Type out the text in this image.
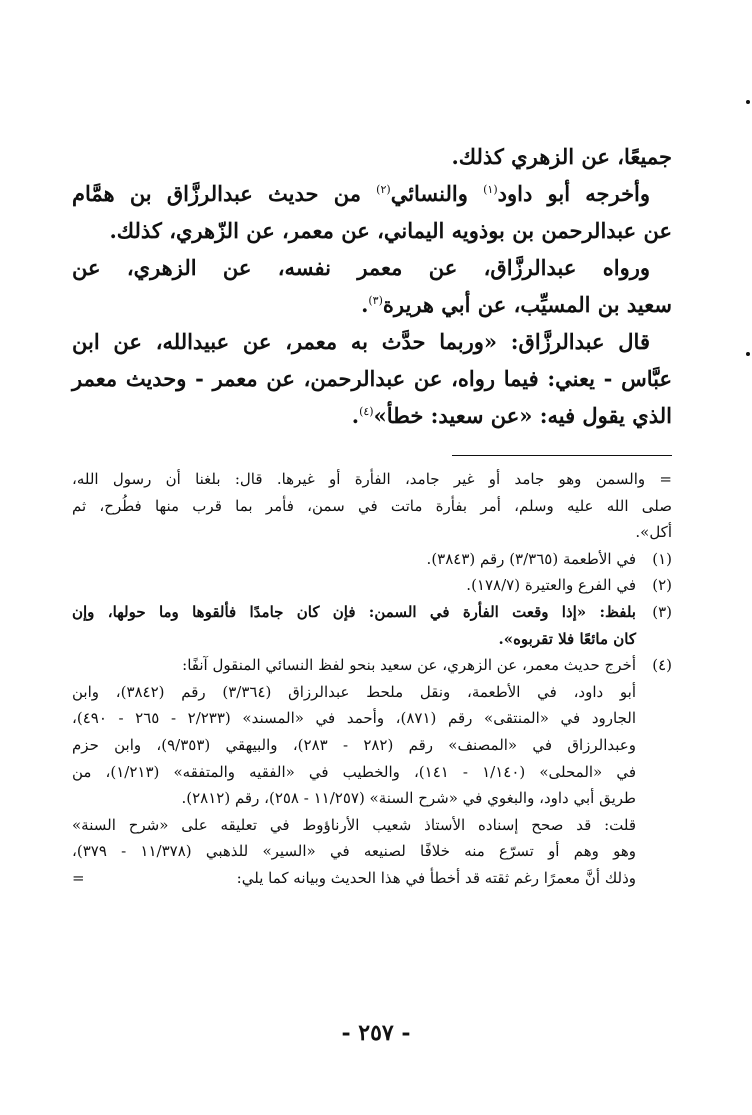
جميعًا، عن الزهري كذلك.

وأخرجه أبو داود$^{(١)}$ والنسائي$^{(٢)}$ من حديث عبدالرزَّاق بن همَّام

عن عبدالرحمن بن بوذويه اليماني، عن معمر، عن الزّهري، كذلك.

ورواه عبدالرزَّاق، عن معمر نفسه، عن الزهري، عن

سعيد بن المسيِّب، عن أبي هريرة$^{(٣)}$.

قال عبدالرزَّاق: «وربما حدَّث به معمر، عن عبيدالله، عن ابن

عبَّاس - يعني: فيما رواه، عن عبدالرحمن، عن معمر - وحديث معمر

الذي يقول فيه: «عن سعيد: خطأ»$^{(٤)}$.

= والسمن وهو جامد أو غير جامد، الفأرة أو غيرها. قال: بلغنا أن رسول الله،
صلى الله عليه وسلم، أمر بفأرة ماتت في سمن، فأمر بما قرب منها فطُرح، ثم
أكل».
(١)

في الأطعمة (٣/٣٦٥) رقم (٣٨٤٣).

(٢)

في الفرع والعتيرة (١٧٨/٧).

(٣)

بلفظ: «إذا وقعت الفأرة في السمن: فإن كان جامدًا فألقوها وما حولها، وإن

كان مائعًا فلا تقربوه».

(٤)

أخرج حديث معمر، عن الزهري، عن سعيد بنحو لفظ النسائي المنقول آنفًا:

أبو داود، في الأطعمة، ونقل ملحط عبدالرزاق (٣/٣٦٤) رقم (٣٨٤٢)، وابن

الجارود في «المنتقى» رقم (٨٧١)، وأحمد في «المسند» (٢/٢٣٣ - ٢٦٥ - ٤٩٠)،

وعبدالرزاق في «المصنف» رقم (٢٨٢ - ٢٨٣)، والبيهقي (٩/٣٥٣)، وابن حزم

في «المحلى» (١/١٤٠ - ١٤١)، والخطيب في «الفقيه والمتفقه» (١/٢١٣)، من

طريق أبي داود، والبغوي في «شرح السنة» (١١/٢٥٧ - ٢٥٨)، رقم (٢٨١٢).

قلت: قد صحح إسناده الأستاذ شعيب الأرناؤوط في تعليقه على «شرح السنة»

وهو وهم أو تسرّع منه خلافًا لصنيعه في «السير» للذهبي (١١/٣٧٨ - ٣٧٩)،

وذلك أنَّ معمرًا رغم ثقته قد أخطأ في هذا الحديث وبيانه كما يلي:
=

- ٢٥٧ -
